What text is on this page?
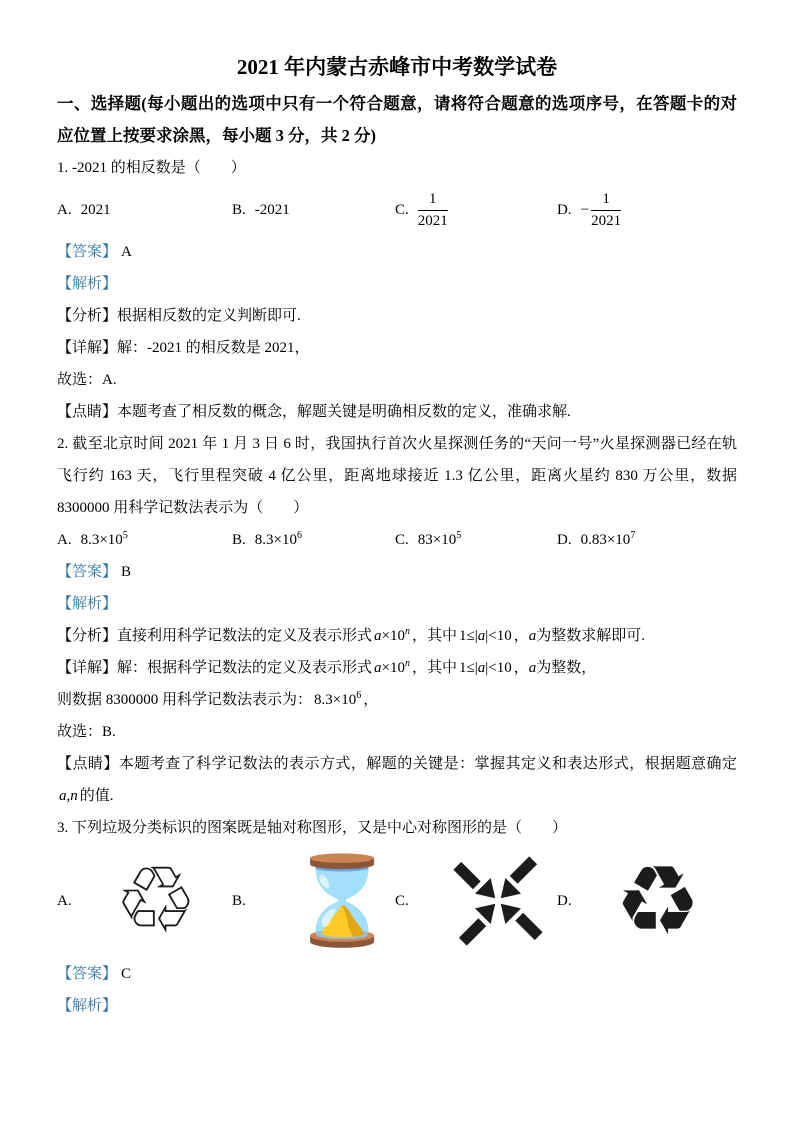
2021 年内蒙古赤峰市中考数学试卷

一、选择题(每小题出的选项中只有一个符合题意，请将符合题意的选项序号，在答题卡的对应位置上按要求涂黑，每小题 3 分，共 2 分)

1. -2021 的相反数是（　　）

A. 2021	B. -2021	C. $\frac{1}{2021}$	D. − $\frac{1}{2021}$

【答案】 A

【解析】

【分析】根据相反数的定义判断即可.

【详解】解：-2021 的相反数是 2021，

故选：A.

【点睛】本题考查了相反数的概念，解题关键是明确相反数的定义，准确求解.

2. 截至北京时间 2021 年 1 月 3 日 6 时，我国执行首次火星探测任务的“天问一号”火星探测器已经在轨飞行约 163 天，飞行里程突破 4 亿公里，距离地球接近 1.3 亿公里，距离火星约 830 万公里，数据 8300000 用科学记数法表示为（　　）

A. $8.3\times 10^5$	B. $8.3\times 10^6$	C. $83\times 10^5$	D. $0.83\times 10^7$

【答案】 B

【解析】

【分析】直接利用科学记数法的定义及表示形式 $a\times 10^n$ ，其中 1≤|a|<10 ，a为整数求解即可.

【详解】解：根据科学记数法的定义及表示形式 $a\times 10^n$ ，其中 1≤|a|<10 ，a为整数，

则数据 8300000 用科学记数法表示为： $8.3\times 10^6$ ，

故选：B.

【点睛】本题考查了科学记数法的表示方式，解题的关键是：掌握其定义和表达形式，根据题意确定a,n 的值.

3. 下列垃圾分类标识的图案既是轴对称图形，又是中心对称图形的是（　　）

A. ♲ B. ⌛ C.	D. ♻

【答案】 C

【解析】
